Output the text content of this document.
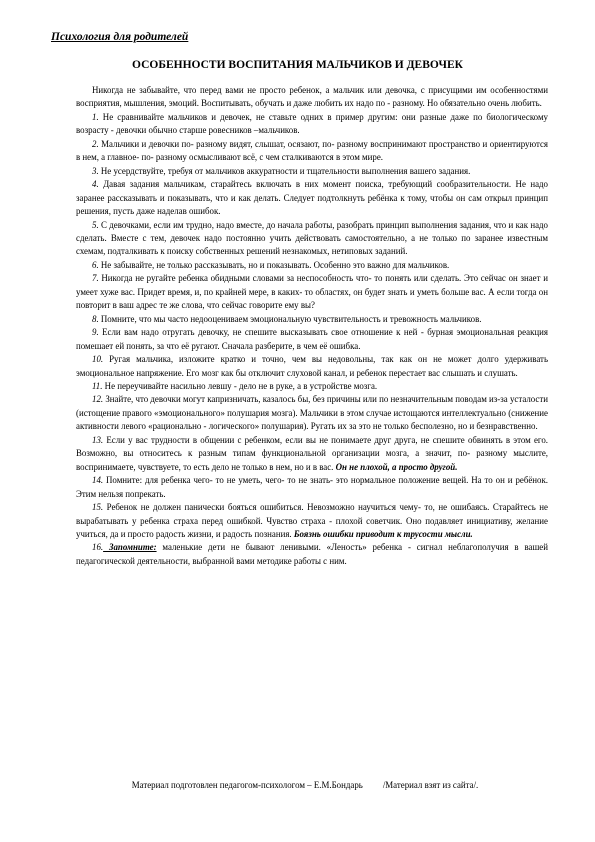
Психология для родителей
ОСОБЕННОСТИ ВОСПИТАНИЯ МАЛЬЧИКОВ И ДЕВОЧЕК

Никогда не забывайте, что перед вами не просто ребенок, а мальчик или девочка, с присущими им особенностями восприятия, мышления, эмоций. Воспитывать, обучать и даже любить их надо по - разному. Но обязательно очень любить.

1. Не сравнивайте мальчиков и девочек, не ставьте одних в пример другим: они разные даже по биологическому возрасту - девочки обычно старше ровесников –мальчиков.

2. Мальчики и девочки по- разному видят, слышат, осязают, по- разному воспринимают пространство и ориентируются в нем, а главное- по- разному осмысливают всё, с чем сталкиваются в этом мире.

3. Не усердствуйте, требуя от мальчиков аккуратности и тщательности выполнения вашего задания.

4. Давая задания мальчикам, старайтесь включать в них момент поиска, требующий сообразительности. Не надо заранее рассказывать и показывать, что и как делать. Следует подтолкнуть ребёнка к тому, чтобы он сам открыл принцип решения, пусть даже наделав ошибок.

5. С девочками, если им трудно, надо вместе, до начала работы, разобрать принцип выполнения задания, что и как надо сделать. Вместе с тем, девочек надо постоянно учить действовать самостоятельно, а не только по заранее известным схемам, подталкивать к поиску собственных решений незнакомых, нетиповых заданий.

6. Не забывайте, не только рассказывать, но и показывать. Особенно это важно для мальчиков.

7. Никогда не ругайте ребенка обидными словами за неспособность что- то понять или сделать. Это сейчас он знает и умеет хуже вас. Придет время, и, по крайней мере, в каких- то областях, он будет знать и уметь больше вас. А если тогда он повторит в ваш адрес те же слова, что сейчас говорите ему вы?

8. Помните, что мы часто недооцениваем эмоциональную чувствительность и тревожность мальчиков.

9. Если вам надо отругать девочку, не спешите высказывать свое отношение к ней - бурная эмоциональная реакция помешает ей понять, за что её ругают. Сначала разберите, в чем её ошибка.

10. Ругая мальчика, изложите кратко и точно, чем вы недовольны, так как он не может долго удерживать эмоциональное напряжение. Его мозг как бы отключит слуховой канал, и ребенок перестает вас слышать и слушать.

11. Не переучивайте насильно левшу - дело не в руке, а в устройстве мозга.

12. Знайте, что девочки могут капризничать, казалось бы, без причины или по незначительным поводам из-за усталости (истощение правого «эмоционального» полушария мозга). Мальчики в этом случае истощаются интеллектуально (снижение активности левого «рационально - логического» полушария). Ругать их за это не только бесполезно, но и безнравственно.

13. Если у вас трудности в общении с ребенком, если вы не понимаете друг друга, не спешите обвинять в этом его. Возможно, вы относитесь к разным типам функциональной организации мозга, а значит, по- разному мыслите, воспринимаете, чувствуете, то есть дело не только в нем, но и в вас. Он не плохой, а просто другой.

14. Помните: для ребенка чего- то не уметь, чего- то не знать- это нормальное положение вещей. На то он и ребёнок. Этим нельзя попрекать.

15. Ребенок не должен панически бояться ошибиться. Невозможно научиться чему- то, не ошибаясь. Старайтесь не вырабатывать у ребенка страха перед ошибкой. Чувство страха - плохой советчик. Оно подавляет инициативу, желание учиться, да и просто радость жизни, и радость познания. Боязнь ошибки приводит к трусости мысли.

16. Запомните: маленькие дети не бывают ленивыми. «Леность» ребенка - сигнал неблагополучия в вашей педагогической деятельности, выбранной вами методике работы с ним.

Материал подготовлен педагогом-психологом – Е.М.Бондарь /Материал взят из сайта/.
